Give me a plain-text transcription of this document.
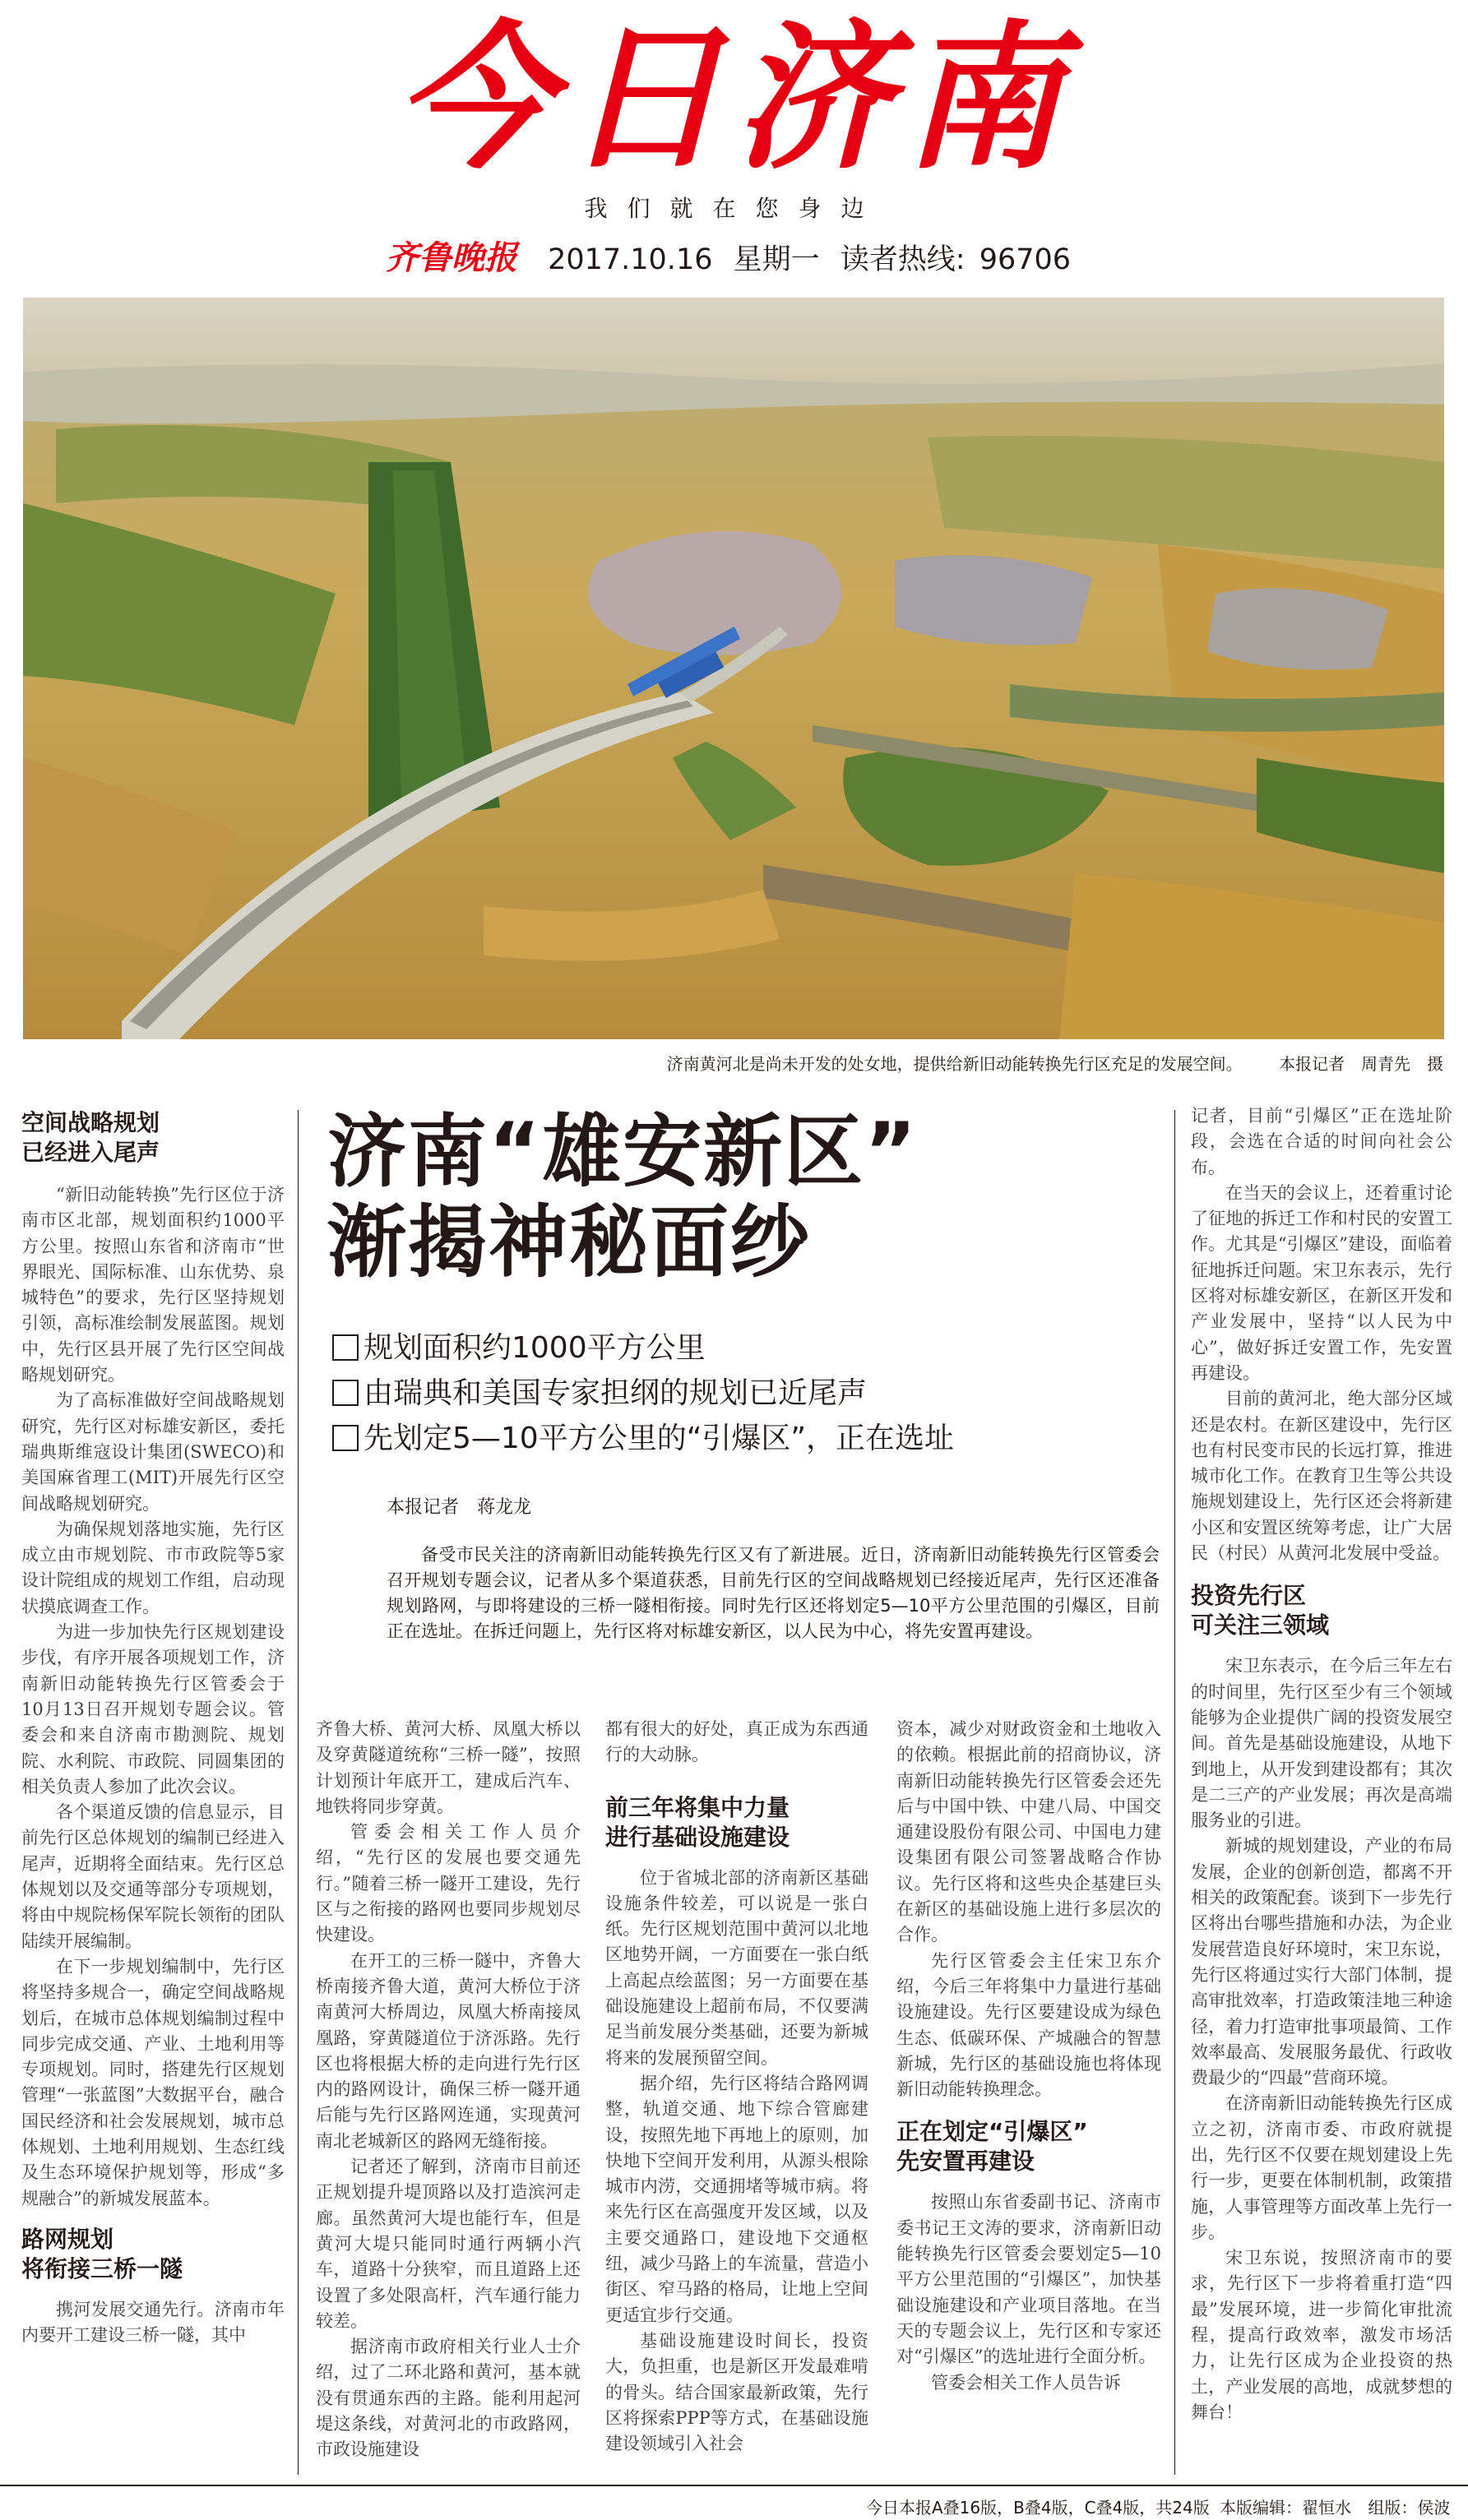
今日济南
我们就在您身边
齐鲁晚报 2017.10.16 星期一 读者热线: 96706
济南黄河北是尚未开发的处女地，提供给新旧动能转换先行区充足的发展空间。 本报记者　周青先　摄
空间战略规划
已经进入尾声

“新旧动能转换”先行区位于济南市区北部，规划面积约1000平方公里。按照山东省和济南市“世界眼光、国际标准、山东优势、泉城特色”的要求，先行区坚持规划引领，高标准绘制发展蓝图。规划中，先行区县开展了先行区空间战略规划研究。

为了高标准做好空间战略规划研究，先行区对标雄安新区，委托瑞典斯维寇设计集团(SWECO)和美国麻省理工(MIT)开展先行区空间战略规划研究。

为确保规划落地实施，先行区成立由市规划院、市市政院等5家设计院组成的规划工作组，启动现状摸底调查工作。

为进一步加快先行区规划建设步伐，有序开展各项规划工作，济南新旧动能转换先行区管委会于10月13日召开规划专题会议。管委会和来自济南市勘测院、规划院、水利院、市政院、同圆集团的相关负责人参加了此次会议。

各个渠道反馈的信息显示，目前先行区总体规划的编制已经进入尾声，近期将全面结束。先行区总体规划以及交通等部分专项规划，将由中规院杨保军院长领衔的团队陆续开展编制。

在下一步规划编制中，先行区将坚持多规合一，确定空间战略规划后，在城市总体规划编制过程中同步完成交通、产业、土地利用等专项规划。同时，搭建先行区规划管理“一张蓝图”大数据平台，融合国民经济和社会发展规划，城市总体规划、土地利用规划、生态红线及生态环境保护规划等，形成“多规融合”的新城发展蓝本。

路网规划
将衔接三桥一隧

携河发展交通先行。济南市年内要开工建设三桥一隧，其中

济南“雄安新区”
渐揭神秘面纱
规划面积约1000平方公里
由瑞典和美国专家担纲的规划已近尾声
先划定5—10平方公里的“引爆区”，正在选址
本报记者　蒋龙龙
备受市民关注的济南新旧动能转换先行区又有了新进展。近日，济南新旧动能转换先行区管委会召开规划专题会议，记者从多个渠道获悉，目前先行区的空间战略规划已经接近尾声，先行区还准备规划路网，与即将建设的三桥一隧相衔接。同时先行区还将划定5—10平方公里范围的引爆区，目前正在选址。在拆迁问题上，先行区将对标雄安新区，以人民为中心，将先安置再建设。

齐鲁大桥、黄河大桥、凤凰大桥以及穿黄隧道统称“三桥一隧”，按照计划预计年底开工，建成后汽车、地铁将同步穿黄。

管委会相关工作人员介绍，“先行区的发展也要交通先行。”随着三桥一隧开工建设，先行区与之衔接的路网也要同步规划尽快建设。

在开工的三桥一隧中，齐鲁大桥南接齐鲁大道，黄河大桥位于济南黄河大桥周边，凤凰大桥南接凤凰路，穿黄隧道位于济泺路。先行区也将根据大桥的走向进行先行区内的路网设计，确保三桥一隧开通后能与先行区路网连通，实现黄河南北老城新区的路网无缝衔接。

记者还了解到，济南市目前还正规划提升堤顶路以及打造滨河走廊。虽然黄河大堤也能行车，但是黄河大堤只能同时通行两辆小汽车，道路十分狭窄，而且道路上还设置了多处限高杆，汽车通行能力较差。

据济南市政府相关行业人士介绍，过了二环北路和黄河，基本就没有贯通东西的主路。能利用起河堤这条线，对黄河北的市政路网，市政设施建设

都有很大的好处，真正成为东西通行的大动脉。

前三年将集中力量
进行基础设施建设

位于省城北部的济南新区基础设施条件较差，可以说是一张白纸。先行区规划范围中黄河以北地区地势开阔，一方面要在一张白纸上高起点绘蓝图；另一方面要在基础设施建设上超前布局，不仅要满足当前发展分类基础，还要为新城将来的发展预留空间。

据介绍，先行区将结合路网调整，轨道交通、地下综合管廊建设，按照先地下再地上的原则，加快地下空间开发利用，从源头根除城市内涝，交通拥堵等城市病。将来先行区在高强度开发区域，以及主要交通路口，建设地下交通枢纽，减少马路上的车流量，营造小街区、窄马路的格局，让地上空间更适宜步行交通。

基础设施建设时间长，投资大，负担重，也是新区开发最难啃的骨头。结合国家最新政策，先行区将探索PPP等方式，在基础设施建设领域引入社会

资本，减少对财政资金和土地收入的依赖。根据此前的招商协议，济南新旧动能转换先行区管委会还先后与中国中铁、中建八局、中国交通建设股份有限公司、中国电力建设集团有限公司签署战略合作协议。先行区将和这些央企基建巨头在新区的基础设施上进行多层次的合作。

先行区管委会主任宋卫东介绍，今后三年将集中力量进行基础设施建设。先行区要建设成为绿色生态、低碳环保、产城融合的智慧新城，先行区的基础设施也将体现新旧动能转换理念。

正在划定“引爆区”
先安置再建设

按照山东省委副书记、济南市委书记王文涛的要求，济南新旧动能转换先行区管委会要划定5—10平方公里范围的“引爆区”，加快基础设施建设和产业项目落地。在当天的专题会议上，先行区和专家还对“引爆区”的选址进行全面分析。

管委会相关工作人员告诉

记者，目前“引爆区”正在选址阶段，会选在合适的时间向社会公布。

在当天的会议上，还着重讨论了征地的拆迁工作和村民的安置工作。尤其是“引爆区”建设，面临着征地拆迁问题。宋卫东表示，先行区将对标雄安新区，在新区开发和产业发展中，坚持“以人民为中心”，做好拆迁安置工作，先安置再建设。

目前的黄河北，绝大部分区域还是农村。在新区建设中，先行区也有村民变市民的长远打算，推进城市化工作。在教育卫生等公共设施规划建设上，先行区还会将新建小区和安置区统筹考虑，让广大居民（村民）从黄河北发展中受益。

投资先行区
可关注三领域

宋卫东表示，在今后三年左右的时间里，先行区至少有三个领域能够为企业提供广阔的投资发展空间。首先是基础设施建设，从地下到地上，从开发到建设都有；其次是二三产的产业发展；再次是高端服务业的引进。

新城的规划建设，产业的布局发展，企业的创新创造，都离不开相关的政策配套。谈到下一步先行区将出台哪些措施和办法，为企业发展营造良好环境时，宋卫东说，先行区将通过实行大部门体制，提高审批效率，打造政策洼地三种途径，着力打造审批事项最简、工作效率最高、发展服务最优、行政收费最少的“四最”营商环境。

在济南新旧动能转换先行区成立之初，济南市委、市政府就提出，先行区不仅要在规划建设上先行一步，更要在体制机制，政策措施，人事管理等方面改革上先行一步。

宋卫东说，按照济南市的要求，先行区下一步将着重打造“四最”发展环境，进一步简化审批流程，提高行政效率，激发市场活力，让先行区成为企业投资的热土，产业发展的高地，成就梦想的舞台！

今日本报A叠16版，B叠4版，C叠4版，共24版 本版编辑：翟恒水 组版：侯波
